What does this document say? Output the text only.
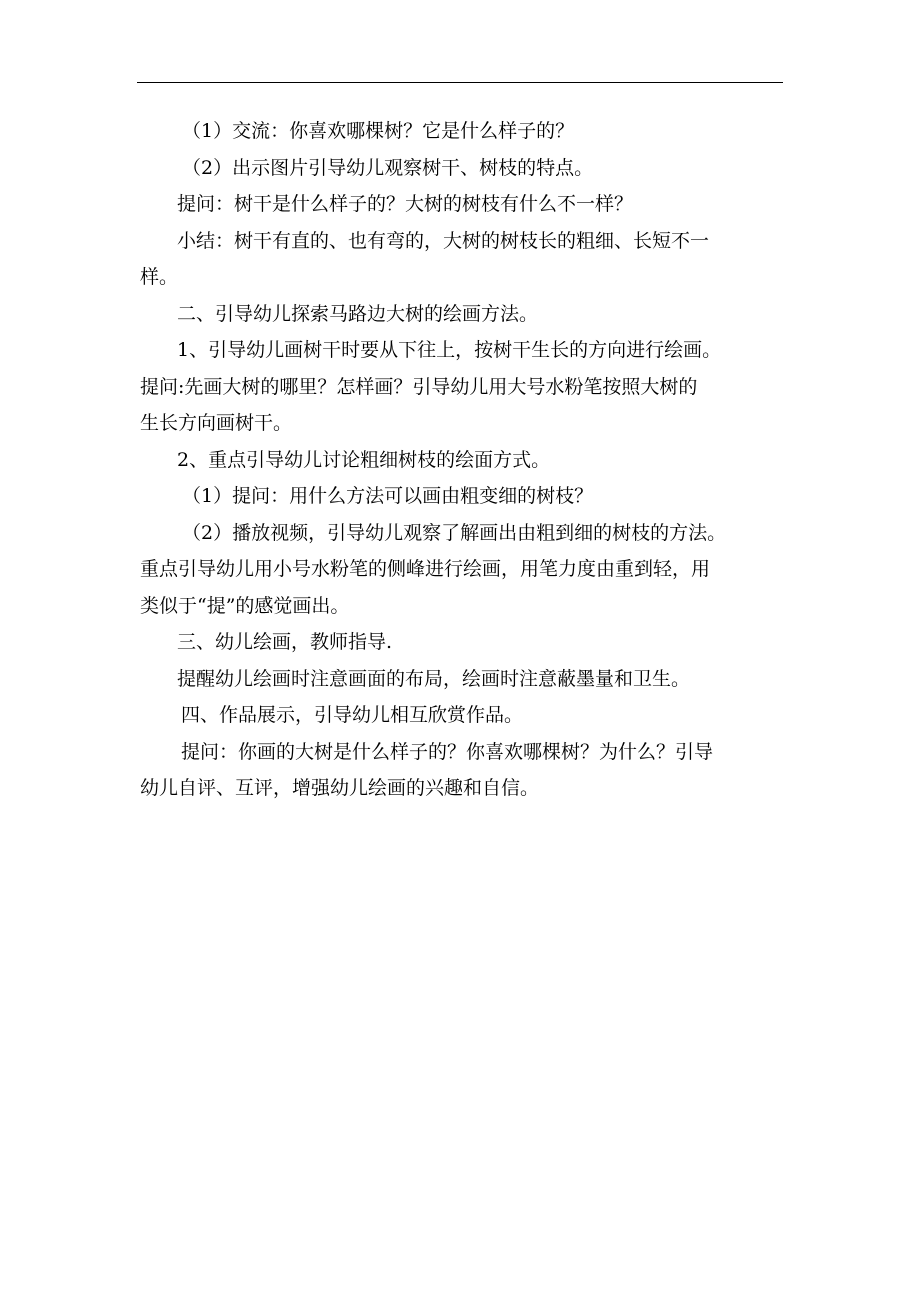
（1）交流：你喜欢哪棵树？它是什么样子的？
（2）出示图片引导幼儿观察树干、树枝的特点。
提问：树干是什么样子的？大树的树枝有什么不一样？
小结：树干有直的、也有弯的，大树的树枝长的粗细、长短不一
样。
二、引导幼儿探索马路边大树的绘画方法。
1、引导幼儿画树干时要从下往上，按树干生长的方向进行绘画。
提问:先画大树的哪里？怎样画？引导幼儿用大号水粉笔按照大树的
生长方向画树干。
2、重点引导幼儿讨论粗细树枝的绘面方式。
（1）提问：用什么方法可以画由粗变细的树枝？
（2）播放视频，引导幼儿观察了解画出由粗到细的树枝的方法。
重点引导幼儿用小号水粉笔的侧峰进行绘画，用笔力度由重到轻，用
类似于“提”的感觉画出。
三、幼儿绘画，教师指导.
提醒幼儿绘画时注意画面的布局，绘画时注意蔽墨量和卫生。
四、作品展示，引导幼儿相互欣赏作品。
提问：你画的大树是什么样子的？你喜欢哪棵树？为什么？引导
幼儿自评、互评，增强幼儿绘画的兴趣和自信。
